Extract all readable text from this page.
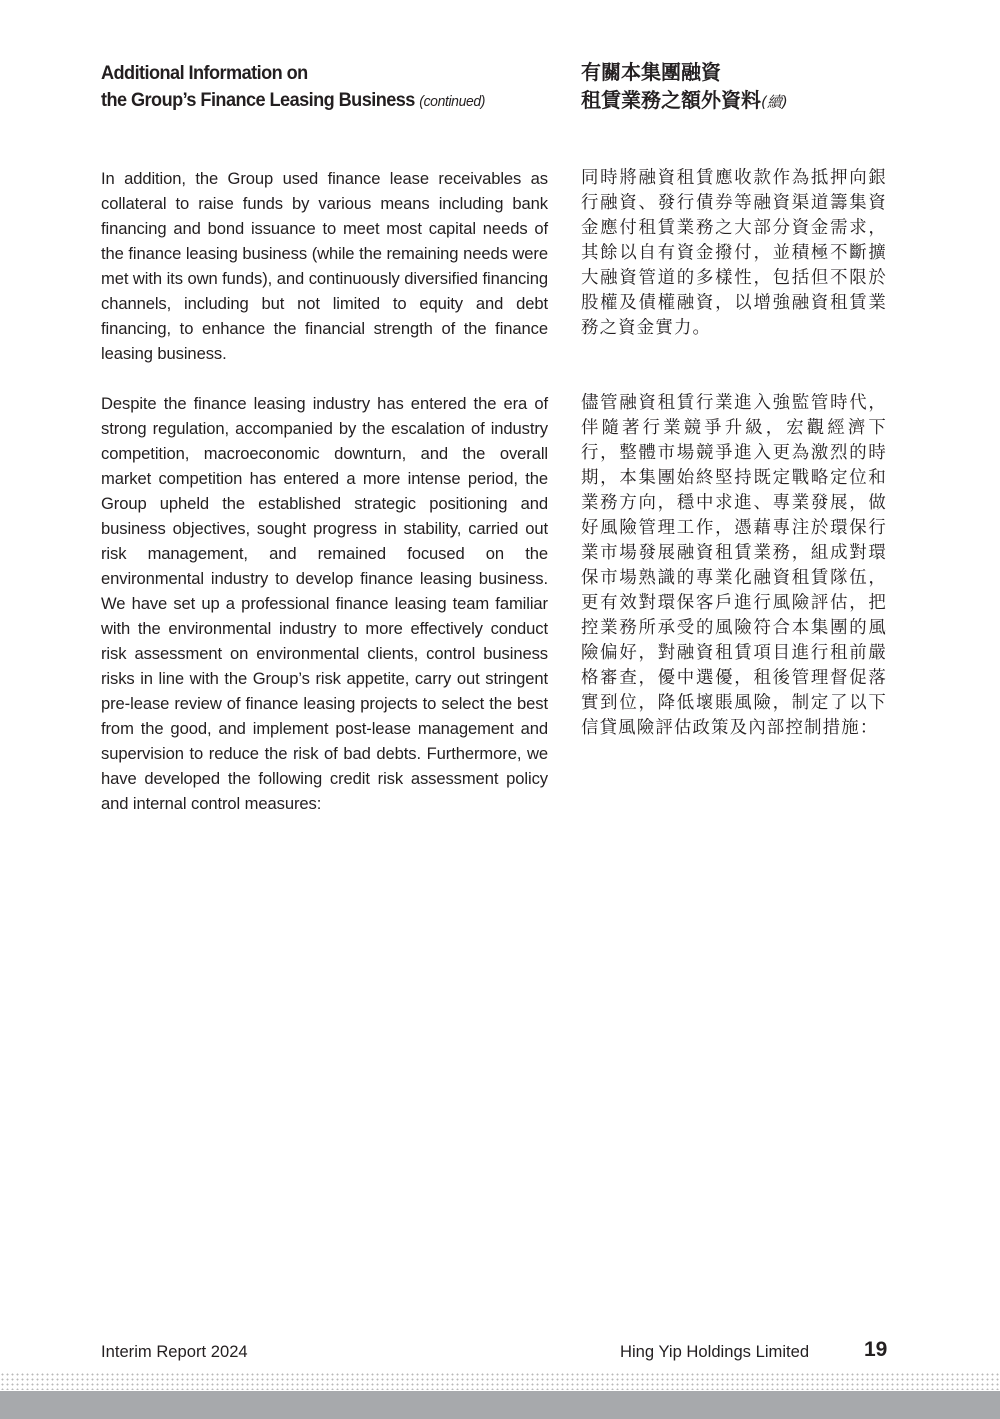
Additional Information on
the Group’s Finance Leasing Business (continued)
有關本集團融資
租賃業務之額外資料(續)

In addition, the Group used finance lease receivables as collateral to raise funds by various means including bank financing and bond issuance to meet most capital needs of the finance leasing business (while the remaining needs were met with its own funds), and continuously diversified financing channels, including but not limited to equity and debt financing, to enhance the financial strength of the finance leasing business.

Despite the finance leasing industry has entered the era of strong regulation, accompanied by the escalation of industry competition, macroeconomic downturn, and the overall market competition has entered a more intense period, the Group upheld the established strategic positioning and business objectives, sought progress in stability, carried out risk management, and remained focused on the environmental industry to develop finance leasing business. We have set up a professional finance leasing team familiar with the environmental industry to more effectively conduct risk assessment on environmental clients, control business risks in line with the Group’s risk appetite, carry out stringent pre-lease review of finance leasing projects to select the best from the good, and implement post-lease management and supervision to reduce the risk of bad debts. Furthermore, we have developed the following credit risk assessment policy and internal control measures:

同時將融資租賃應收款作為抵押向銀行融資、發行債券等融資渠道籌集資金應付租賃業務之大部分資金需求，其餘以自有資金撥付，並積極不斷擴大融資管道的多樣性，包括但不限於股權及債權融資，以增強融資租賃業務之資金實力。

儘管融資租賃行業進入強監管時代，伴隨著行業競爭升級，宏觀經濟下行，整體市場競爭進入更為激烈的時期，本集團始終堅持既定戰略定位和業務方向，穩中求進、專業發展，做好風險管理工作，憑藉專注於環保行業市場發展融資租賃業務，組成對環保市場熟識的專業化融資租賃隊伍，更有效對環保客戶進行風險評估，把控業務所承受的風險符合本集團的風險偏好，對融資租賃項目進行租前嚴格審查，優中選優，租後管理督促落實到位，降低壞賬風險，制定了以下信貸風險評估政策及內部控制措施：

Interim Report 2024	Hing Yip Holdings Limited	19
